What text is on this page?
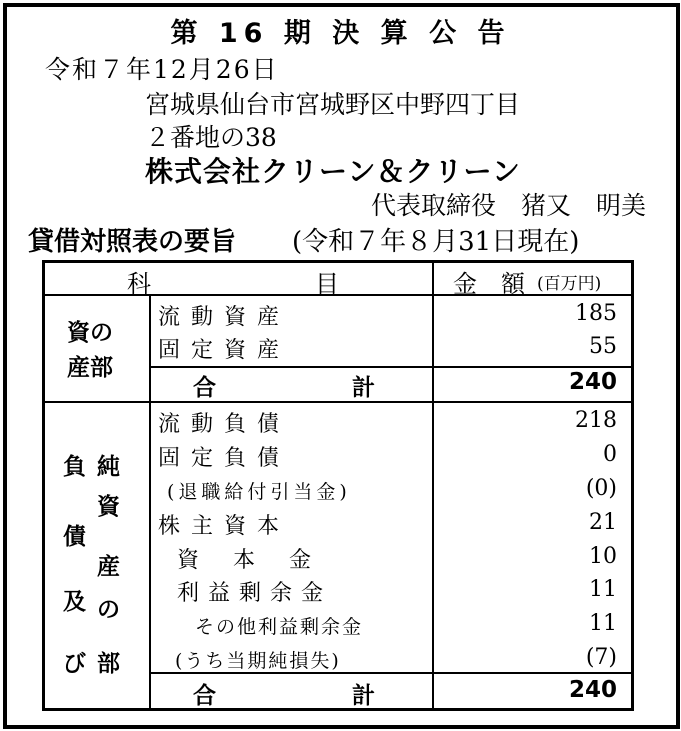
第 16 期 決 算 公 告
令和７年12月26日
宮城県仙台市宮城野区中野四丁目
２番地の38
株式会社クリーン＆クリーン
代表取締役　猪又　明美
貸借対照表の要旨 (令和７年８月31日現在)
科	目	金　額 (百万円)
資の
産部
流動資産	185
固定資産	55
合	計	240
負 純
資
債
産
及 の
び 部
流動負債	218
固定負債	0
(退職給付引当金)	(0)
株主資本	21
資　本　金	10
利益剰余金	11
その他利益剰余金	11
(うち当期純損失)	(7)
合	計	240
